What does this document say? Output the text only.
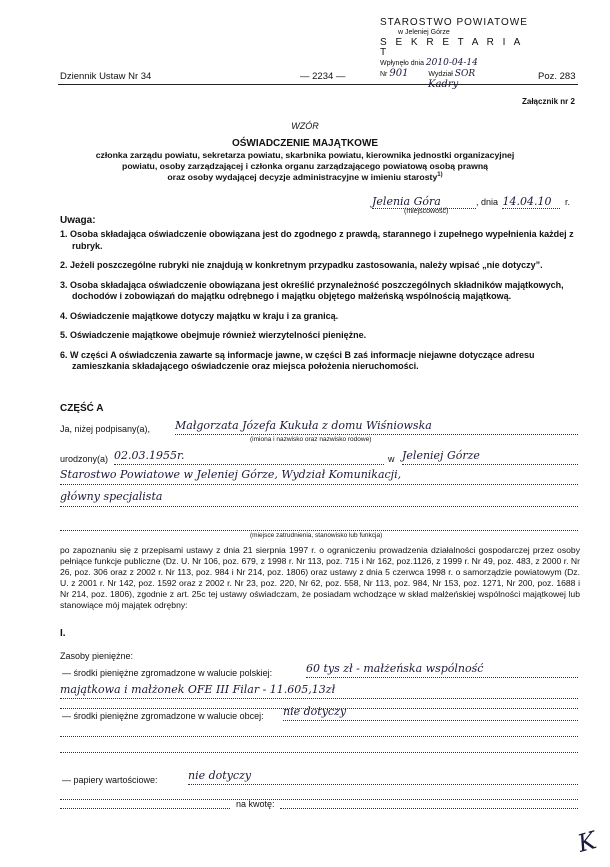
STAROSTWO POWIATOWE
w Jeleniej Górze
S E K R E T A R I A T
Wpłynęło dnia 2010-04-14
Nr 901	Wydział SOR
Kadry
Dziennik Ustaw Nr 34	— 2234 —	Poz. 283
Załącznik nr 2
WZÓR
OŚWIADCZENIE MAJĄTKOWE
członka zarządu powiatu, sekretarza powiatu, skarbnika powiatu, kierownika jednostki organizacyjnej
powiatu, osoby zarządzającej i członka organu zarządzającego powiatową osobą prawną
oraz osoby wydającej decyzje administracyjne w imieniu starosty$^{1)}$
Jelenia Góra	, dnia 14.04.10 r.
(miejscowość)
Uwaga:

1. Osoba składająca oświadczenie obowiązana jest do zgodnego z prawdą, starannego i zupełnego wypełnienia każdej z rubryk.

2. Jeżeli poszczególne rubryki nie znajdują w konkretnym przypadku zastosowania, należy wpisać „nie dotyczy”.

3. Osoba składająca oświadczenie obowiązana jest określić przynależność poszczególnych składników majątkowych, dochodów i zobowiązań do majątku odrębnego i majątku objętego małżeńską wspólnością majątkową.

4. Oświadczenie majątkowe dotyczy majątku w kraju i za granicą.

5. Oświadczenie majątkowe obejmuje również wierzytelności pieniężne.

6. W części A oświadczenia zawarte są informacje jawne, w części B zaś informacje niejawne dotyczące adresu zamieszkania składającego oświadczenie oraz miejsca położenia nieruchomości.

CZĘŚĆ A
Ja, niżej podpisany(a), Małgorzata Józefa Kukuła z domu Wiśniowska
(imiona i nazwisko oraz nazwisko rodowe)
urodzony(a) 02.03.1955r.	w Jeleniej Górze
Starostwo Powiatowe w Jeleniej Górze, Wydział Komunikacji,
główny specjalista
(miejsce zatrudnienia, stanowisko lub funkcja)
po zapoznaniu się z przepisami ustawy z dnia 21 sierpnia 1997 r. o ograniczeniu prowadzenia działalności gospodarczej przez osoby pełniące funkcje publiczne (Dz. U. Nr 106, poz. 679, z 1998 r. Nr 113, poz. 715 i Nr 162, poz.1126, z 1999 r. Nr 49, poz. 483, z 2000 r. Nr 26, poz. 306 oraz z 2002 r. Nr 113, poz. 984 i Nr 214, poz. 1806) oraz ustawy z dnia 5 czerwca 1998 r. o samorządzie powiatowym (Dz. U. z 2001 r. Nr 142, poz. 1592 oraz z 2002 r. Nr 23, poz. 220, Nr 62, poz. 558, Nr 113, poz. 984, Nr 153, poz. 1271, Nr 200, poz. 1688 i Nr 214, poz. 1806), zgodnie z art. 25c tej ustawy oświadczam, że posiadam wchodzące w skład małżeńskiej wspólności majątkowej lub stanowiące mój majątek odrębny:
I.
Zasoby pieniężne:
— środki pieniężne zgromadzone w walucie polskiej:	60 tys zł - małżeńska wspólność
majątkowa i małżonek OFE III Filar - 11.605,13zł
— środki pieniężne zgromadzone w walucie obcej: nie dotyczy
— papiery wartościowe:	nie dotyczy
na kwotę:
K
